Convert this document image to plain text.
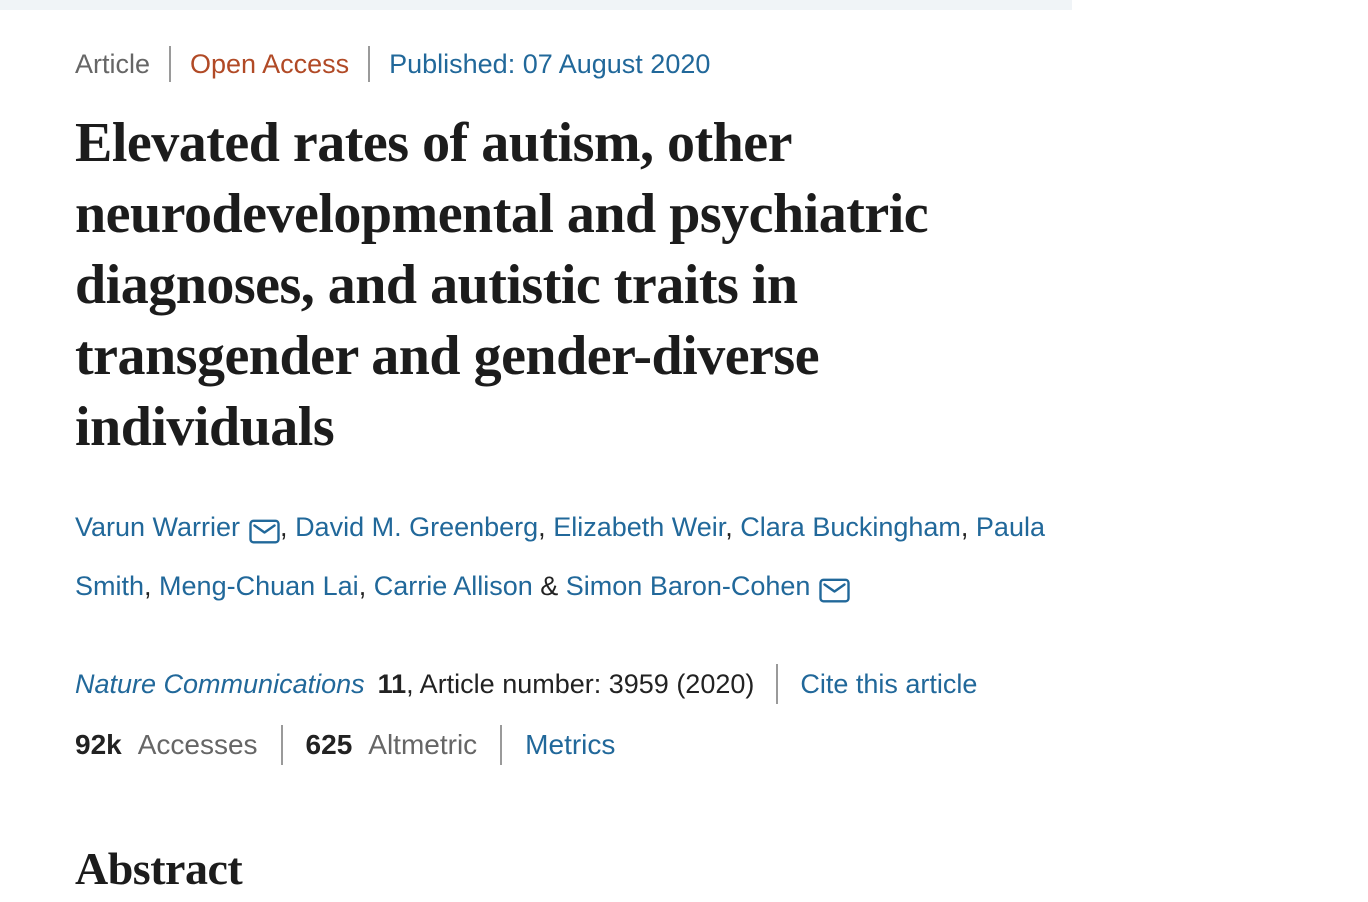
Article Open Access Published: 07 August 2020
Elevated rates of autism, other
neurodevelopmental and psychiatric
diagnoses, and autistic traits in
transgender and gender-diverse
individuals
Varun Warrier , David M. Greenberg, Elizabeth Weir, Clara Buckingham, Paula Smith, Meng-Chuan Lai, Carrie Allison & Simon Baron-Cohen
Nature Communications 11 , Article number: 3959 (2020) Cite this article
92k Accesses 625 Altmetric Metrics
Abstract
